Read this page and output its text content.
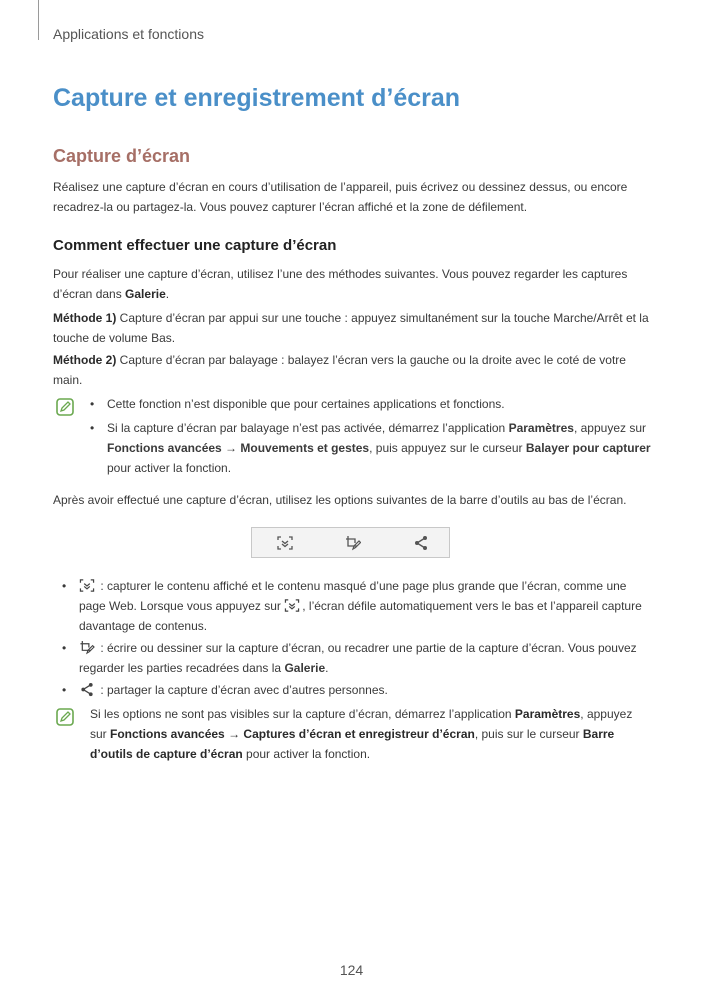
Applications et fonctions
Capture et enregistrement d’écran
Capture d’écran

Réalisez une capture d’écran en cours d’utilisation de l’appareil, puis écrivez ou dessinez dessus, ou encore recadrez-la ou partagez-la. Vous pouvez capturer l’écran affiché et la zone de défilement.

Comment effectuer une capture d’écran

Pour réaliser une capture d’écran, utilisez l’une des méthodes suivantes. Vous pouvez regarder les captures d’écran dans Galerie.

Méthode 1) Capture d’écran par appui sur une touche : appuyez simultanément sur la touche Marche/Arrêt et la touche de volume Bas.

Méthode 2) Capture d’écran par balayage : balayez l’écran vers la gauche ou la droite avec le coté de votre main.

• Cette fonction n’est disponible que pour certaines applications et fonctions.
• Si la capture d’écran par balayage n’est pas activée, démarrez l’application Paramètres, appuyez sur Fonctions avancées → Mouvements et gestes, puis appuyez sur le curseur Balayer pour capturer pour activer la fonction.

Après avoir effectué une capture d’écran, utilisez les options suivantes de la barre d’outils au bas de l’écran.

•	: capturer le contenu affiché et le contenu masqué d’une page plus grande que l’écran, comme une page Web. Lorsque vous appuyez sur , l’écran défile automatiquement vers le bas et l’appareil capture davantage de contenus.
•	: écrire ou dessiner sur la capture d’écran, ou recadrer une partie de la capture d’écran. Vous pouvez regarder les parties recadrées dans la Galerie.
•	: partager la capture d’écran avec d’autres personnes.

Si les options ne sont pas visibles sur la capture d’écran, démarrez l’application Paramètres, appuyez sur Fonctions avancées → Captures d’écran et enregistreur d’écran, puis sur le curseur Barre d’outils de capture d’écran pour activer la fonction.

124
